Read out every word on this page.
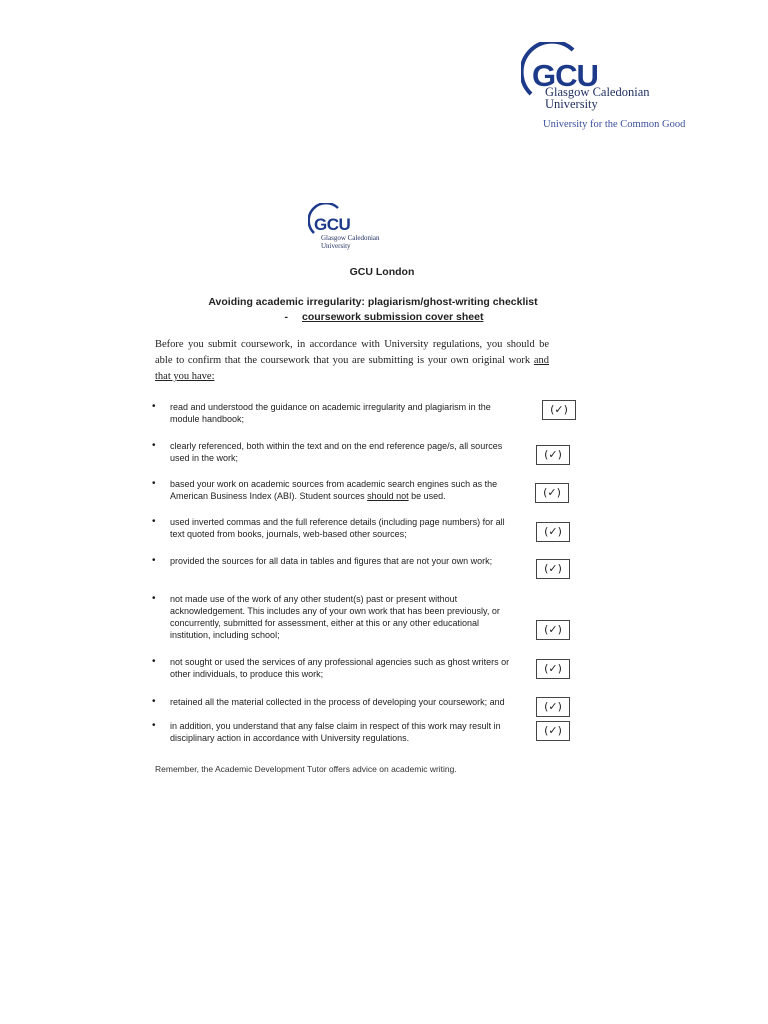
GCU
Glasgow Caledonian
University
University for the Common Good
GCU
Glasgow Caledonian
University
GCU London
Avoiding academic irregularity: plagiarism/ghost-writing checklist
- coursework submission cover sheet
Before you submit coursework, in accordance with University regulations, you should be able to confirm that the coursework that you are submitting is your own original work and that you have:
• read and understood the guidance on academic irregularity and plagiarism in the module handbook;
(✓)
• clearly referenced, both within the text and on the end reference page/s, all sources used in the work;	(✓)
• based your work on academic sources from academic search engines such as the American Business Index (ABI). Student sources should not be used.	(✓)
• used inverted commas and the full reference details (including page numbers) for all text quoted from books, journals, web-based other sources;	(✓)
• provided the sources for all data in tables and figures that are not your own work;
(✓)
• not made use of the work of any other student(s) past or present without acknowledgement. This includes any of your own work that has been previously, or concurrently, submitted for assessment, either at this or any other educational institution, including school;	(✓)
• not sought or used the services of any professional agencies such as ghost writers or other individuals, to produce this work;	(✓)
• retained all the material collected in the process of developing your coursework; and	(✓)
• in addition, you understand that any false claim in respect of this work may result in disciplinary action in accordance with University regulations.
(✓)
Remember, the Academic Development Tutor offers advice on academic writing.
